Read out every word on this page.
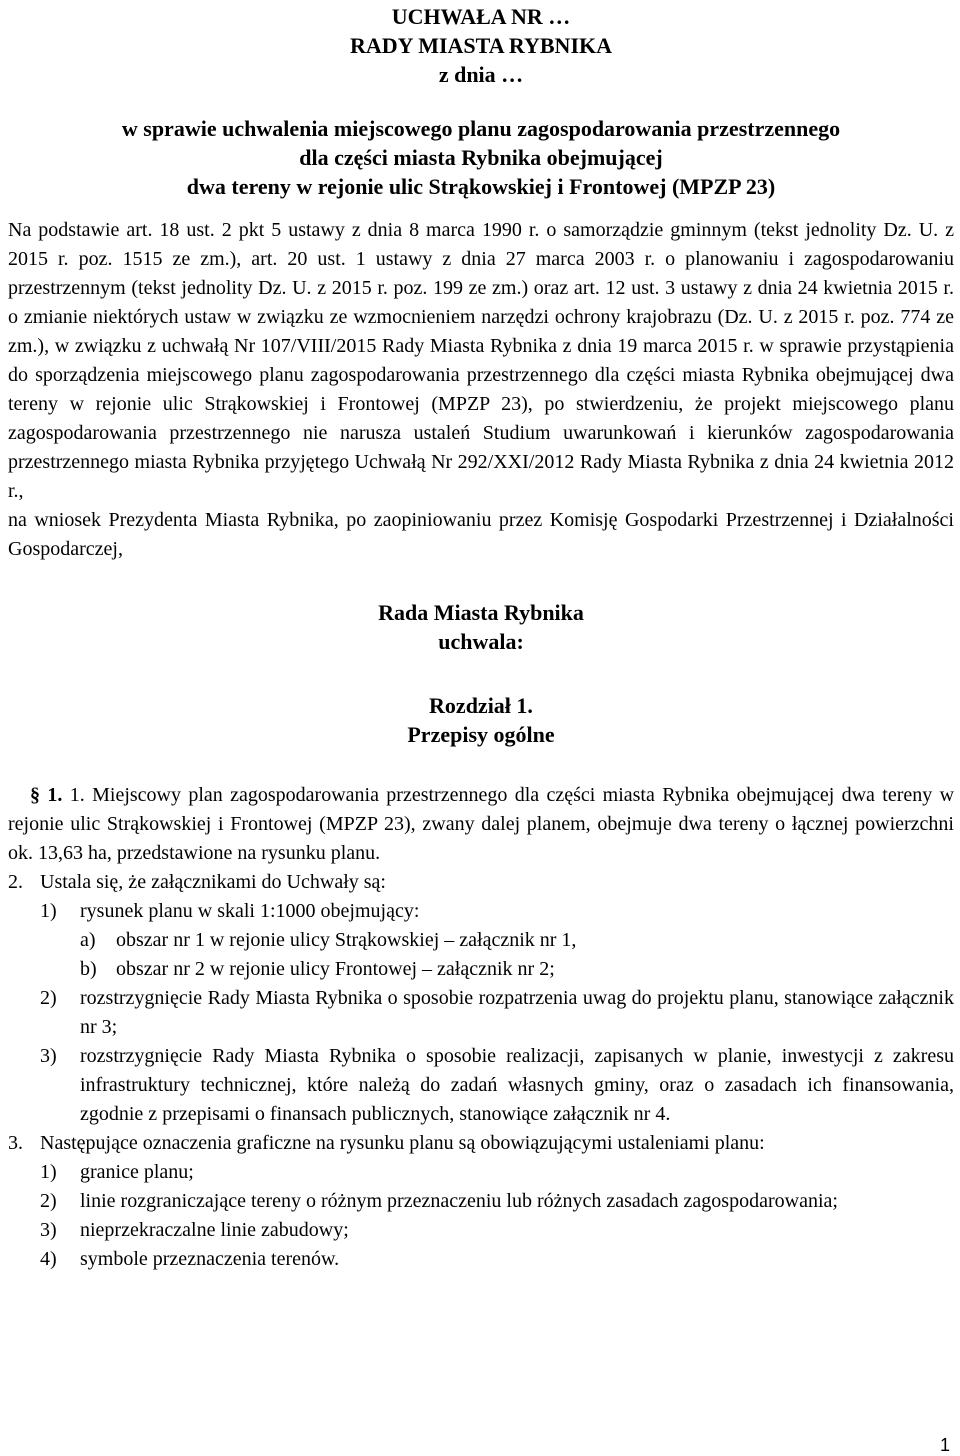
UCHWAŁA NR …
RADY MIASTA RYBNIKA
z dnia …
w sprawie uchwalenia miejscowego planu zagospodarowania przestrzennego
dla części miasta Rybnika obejmującej
dwa tereny w rejonie ulic Strąkowskiej i Frontowej (MPZP 23)

Na podstawie art. 18 ust. 2 pkt 5 ustawy z dnia 8 marca 1990 r. o samorządzie gminnym (tekst jednolity Dz. U. z 2015 r. poz. 1515 ze zm.), art. 20 ust. 1 ustawy z dnia 27 marca 2003 r. o planowaniu i zagospodarowaniu przestrzennym (tekst jednolity Dz. U. z 2015 r. poz. 199 ze zm.) oraz art. 12 ust. 3 ustawy z dnia 24 kwietnia 2015 r. o zmianie niektórych ustaw w związku ze wzmocnieniem narzędzi ochrony krajobrazu (Dz. U. z 2015 r. poz. 774 ze zm.), w związku z uchwałą Nr 107/VIII/2015 Rady Miasta Rybnika z dnia 19 marca 2015 r. w sprawie przystąpienia do sporządzenia miejscowego planu zagospodarowania przestrzennego dla części miasta Rybnika obejmującej dwa tereny w rejonie ulic Strąkowskiej i Frontowej (MPZP 23), po stwierdzeniu, że projekt miejscowego planu zagospodarowania przestrzennego nie narusza ustaleń Studium uwarunkowań i kierunków zagospodarowania przestrzennego miasta Rybnika przyjętego Uchwałą Nr 292/XXI/2012 Rady Miasta Rybnika z dnia 24 kwietnia 2012 r.,

na wniosek Prezydenta Miasta Rybnika, po zaopiniowaniu przez Komisję Gospodarki Przestrzennej i Działalności Gospodarczej,

Rada Miasta Rybnika
uchwala:
Rozdział 1.
Przepisy ogólne
§ 1. 1. Miejscowy plan zagospodarowania przestrzennego dla części miasta Rybnika obejmującej dwa tereny w rejonie ulic Strąkowskiej i Frontowej (MPZP 23), zwany dalej planem, obejmuje dwa tereny o łącznej powierzchni ok. 13,63 ha, przedstawione na rysunku planu.
2. Ustala się, że załącznikami do Uchwały są:
1) rysunek planu w skali 1:1000 obejmujący:
a) obszar nr 1 w rejonie ulicy Strąkowskiej – załącznik nr 1,
b) obszar nr 2 w rejonie ulicy Frontowej – załącznik nr 2;
2) rozstrzygnięcie Rady Miasta Rybnika o sposobie rozpatrzenia uwag do projektu planu, stanowiące załącznik nr 3;
3) rozstrzygnięcie Rady Miasta Rybnika o sposobie realizacji, zapisanych w planie, inwestycji z zakresu infrastruktury technicznej, które należą do zadań własnych gminy, oraz o zasadach ich finansowania, zgodnie z przepisami o finansach publicznych, stanowiące załącznik nr 4.
3. Następujące oznaczenia graficzne na rysunku planu są obowiązującymi ustaleniami planu:
1) granice planu;
2) linie rozgraniczające tereny o różnym przeznaczeniu lub różnych zasadach zagospodarowania;
3) nieprzekraczalne linie zabudowy;
4) symbole przeznaczenia terenów.
1
